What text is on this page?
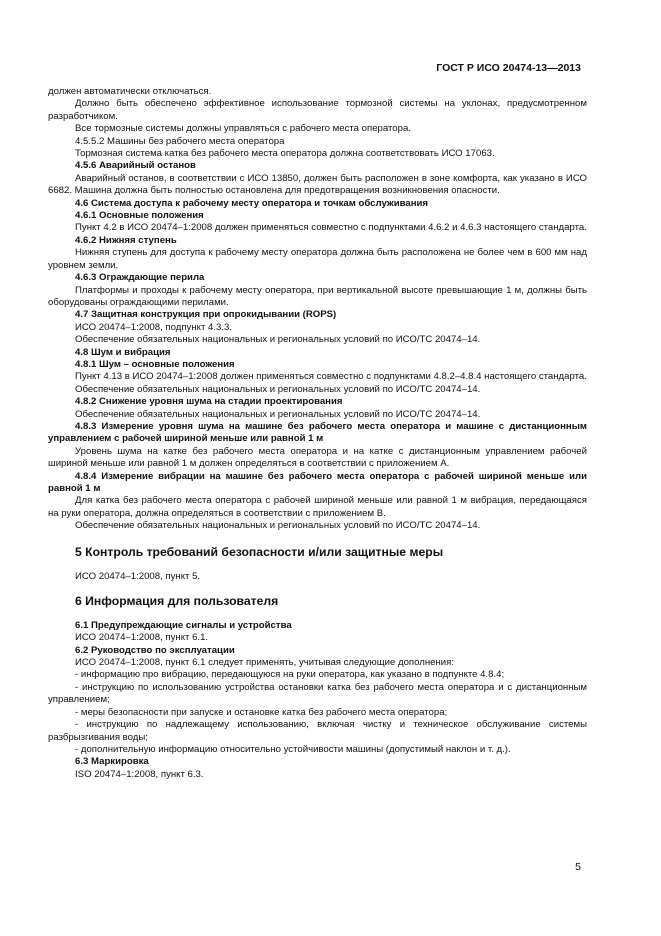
ГОСТ Р ИСО 20474-13—2013

должен автоматически отключаться.

Должно быть обеспечено эффективное использование тормозной системы на уклонах, предусмотренном разработчиком.

Все тормозные системы должны управляться с рабочего места оператора.

4.5.5.2 Машины без рабочего места оператора

Тормозная система катка без рабочего места оператора должна соответствовать ИСО 17063.

4.5.6 Аварийный останов

Аварийный останов, в соответствии с ИСО 13850, должен быть расположен в зоне комфорта, как указано в ИСО 6682. Машина должна быть полностью остановлена для предотвращения возникновения опасности.

4.6 Система доступа к рабочему месту оператора и точкам обслуживания

4.6.1 Основные положения

Пункт 4.2 в ИСО 20474–1:2008 должен применяться совместно с подпунктами 4.6.2 и 4.6.3 настоящего стандарта.

4.6.2 Нижняя ступень

Нижняя ступень для доступа к рабочему месту оператора должна быть расположена не более чем в 600 мм над уровнем земли.

4.6.3 Ограждающие перила

Платформы и проходы к рабочему месту оператора, при вертикальной высоте превышающие 1 м, должны быть оборудованы ограждающими перилами.

4.7 Защитная конструкция при опрокидывании (ROPS)

ИСО 20474–1:2008, подпункт 4.3.3.

Обеспечение обязательных национальных и региональных условий по ИСО/ТС 20474–14.

4.8 Шум и вибрация

4.8.1 Шум – основные положения

Пункт 4.13 в ИСО 20474–1:2008 должен применяться совместно с подпунктами 4.8.2–4.8.4 настоящего стандарта.

Обеспечение обязательных национальных и региональных условий по ИСО/ТС 20474–14.

4.8.2 Снижение уровня шума на стадии проектирования

Обеспечение обязательных национальных и региональных условий по ИСО/ТС 20474–14.

4.8.3 Измерение уровня шума на машине без рабочего места оператора и машине с дистанционным управлением с рабочей шириной меньше или равной 1 м

Уровень шума на катке без рабочего места оператора и на катке с дистанционным управлением рабочей шириной меньше или равной 1 м должен определяться в соответствии с приложением А.

4.8.4 Измерение вибрации на машине без рабочего места оператора с рабочей шириной меньше или равной 1 м

Для катка без рабочего места оператора с рабочей шириной меньше или равной 1 м вибрация, передающаяся на руки оператора, должна определяться в соответствии с приложением В.

Обеспечение обязательных национальных и региональных условий по ИСО/ТС 20474–14.

5 Контроль требований безопасности и/или защитные меры

ИСО 20474–1:2008, пункт 5.

6 Информация для пользователя

6.1 Предупреждающие сигналы и устройства

ИСО 20474–1:2008, пункт 6.1.

6.2 Руководство по эксплуатации

ИСО 20474–1:2008, пункт 6.1 следует применять, учитывая следующие дополнения:

- информацию про вибрацию, передающуюся на руки оператора, как указано в подпункте 4.8.4;

- инструкцию по использованию устройства остановки катка без рабочего места оператора и с дистанционным управлением;

- меры безопасности при запуске и остановке катка без рабочего места оператора;

- инструкцию по надлежащему использованию, включая чистку и техническое обслуживание системы разбрызгивания воды;

- дополнительную информацию относительно устойчивости машины (допустимый наклон и т. д.).

6.3 Маркировка

ISO 20474–1:2008, пункт 6.3.

5
